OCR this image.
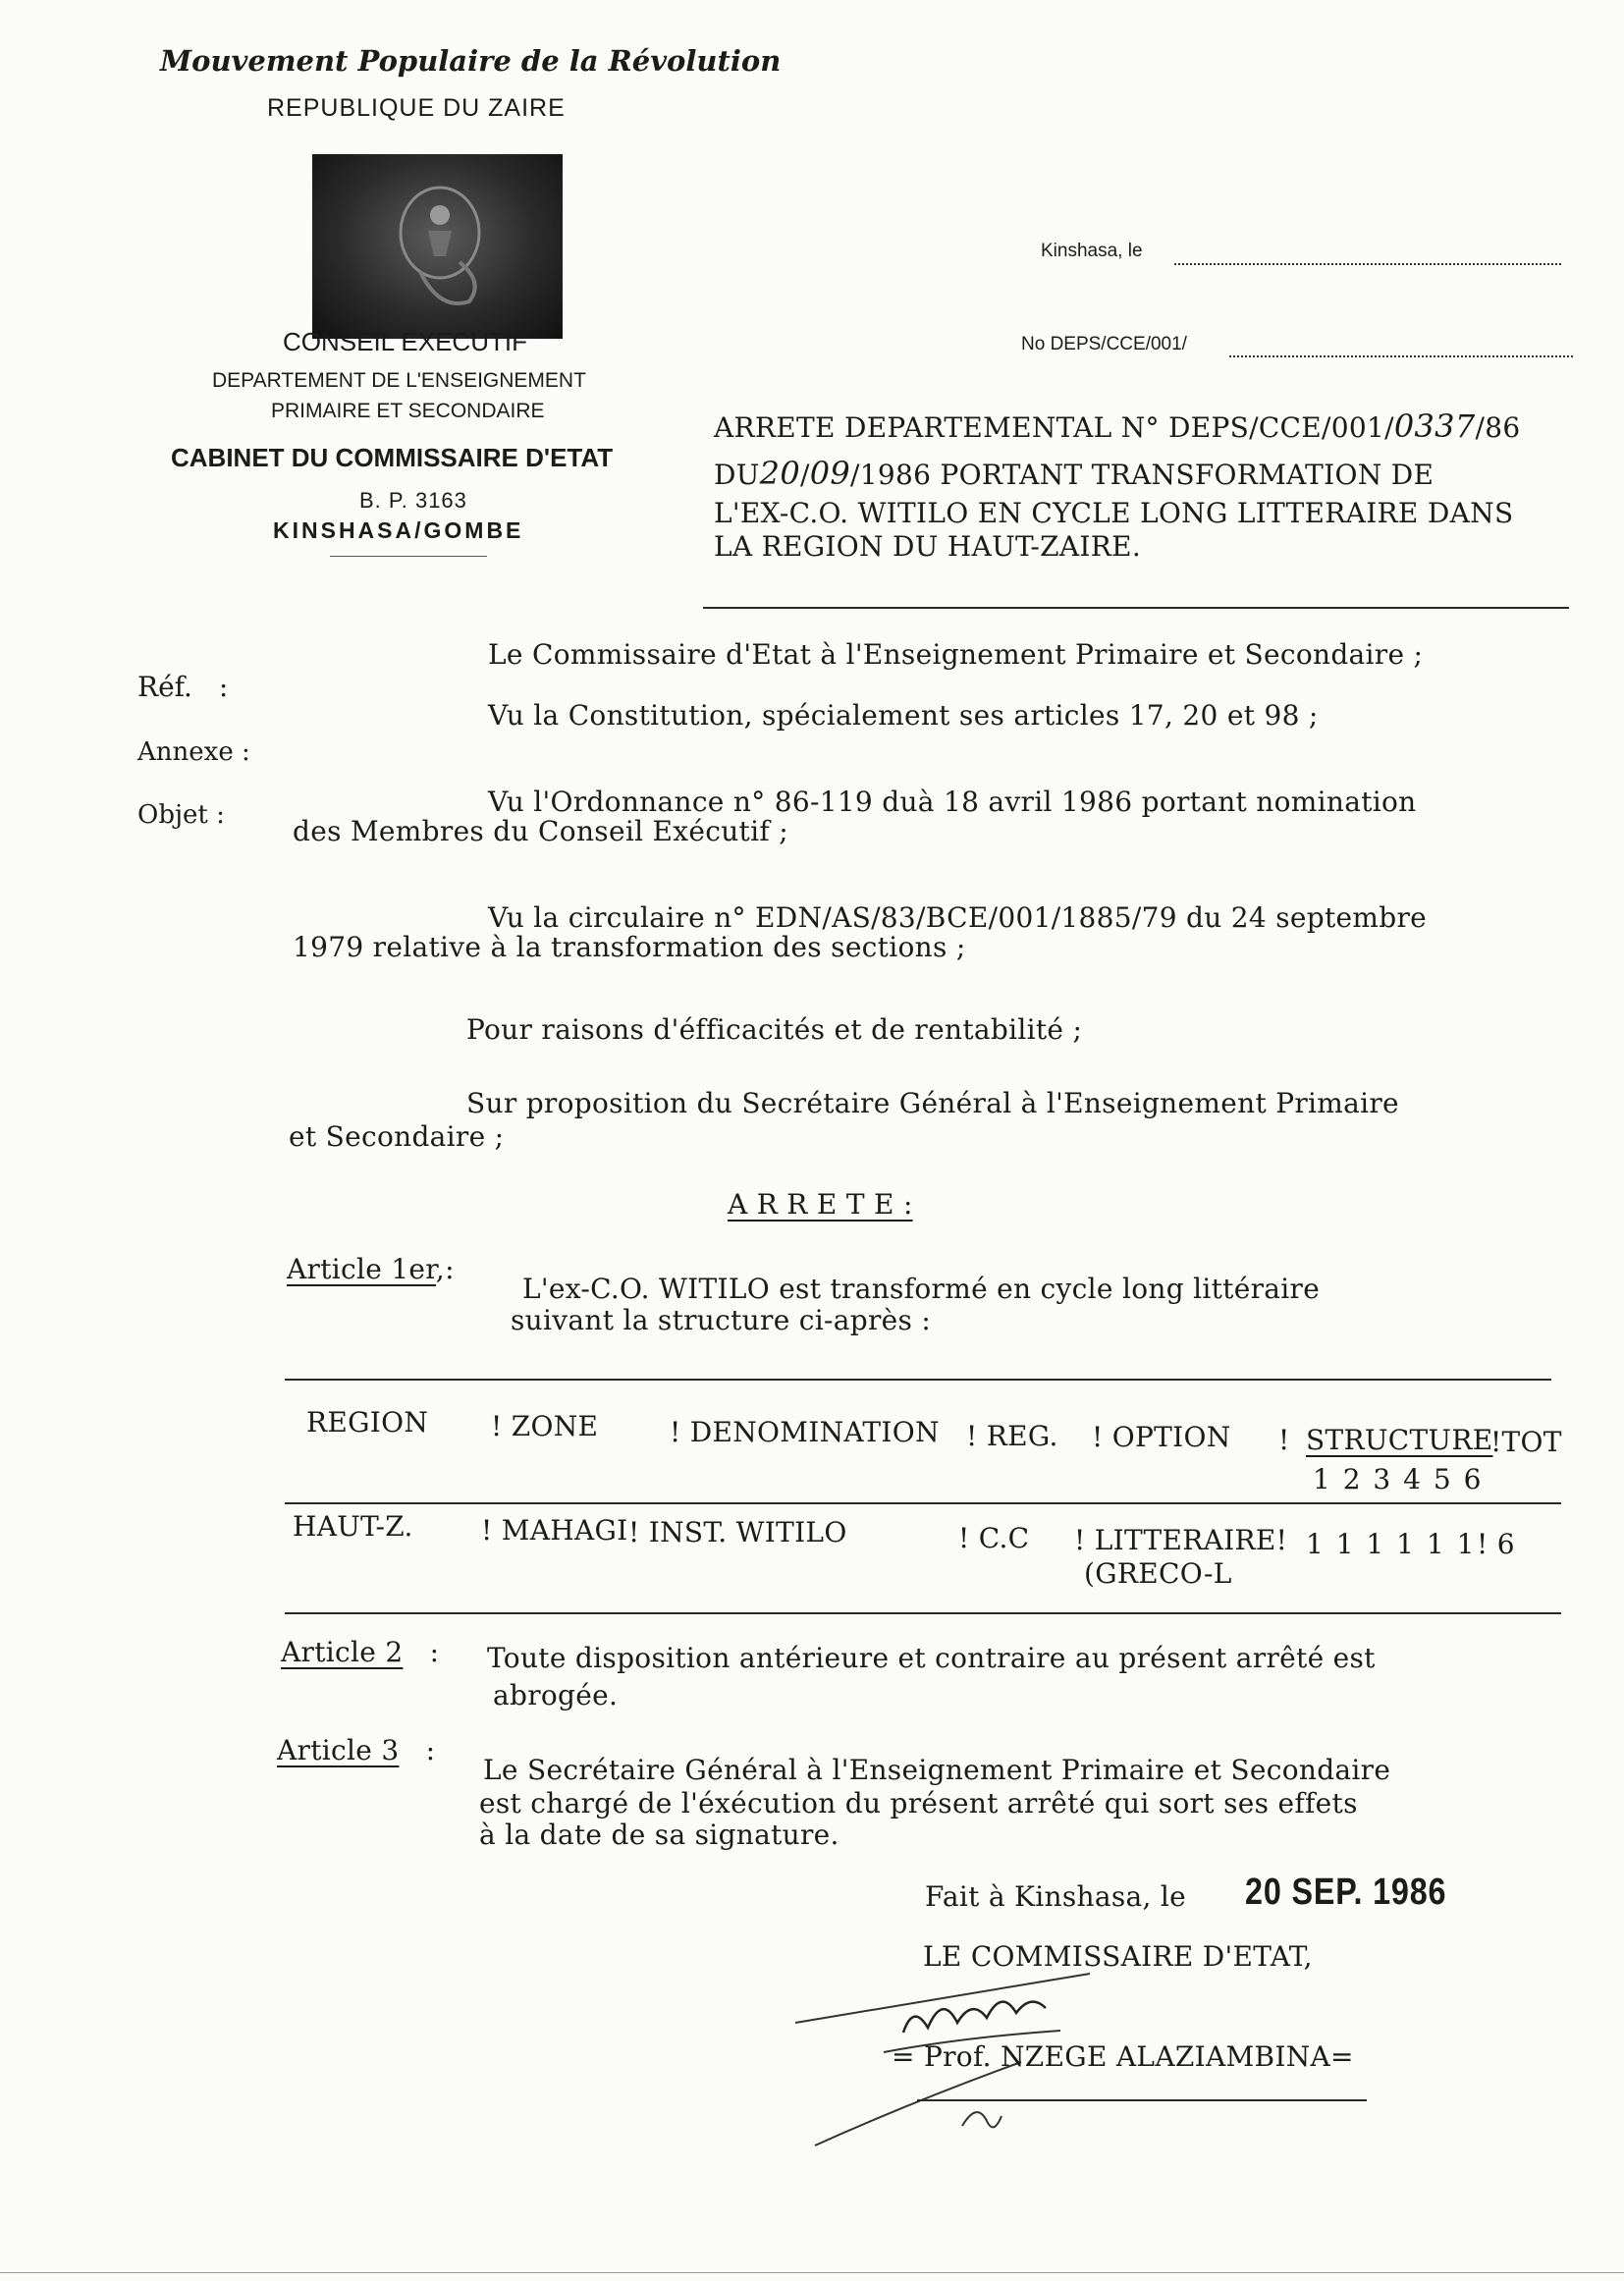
Mouvement Populaire de la Révolution
REPUBLIQUE DU ZAIRE
CONSEIL EXECUTIF
DEPARTEMENT DE L'ENSEIGNEMENT
PRIMAIRE ET SECONDAIRE
CABINET DU COMMISSAIRE D'ETAT
B. P. 3163
KINSHASA/GOMBE
Kinshasa, le
No DEPS/CCE/001/
ARRETE DEPARTEMENTAL N° DEPS/CCE/001/0337/86
DU20/09/1986 PORTANT TRANSFORMATION DE
L'EX-C.O. WITILO EN CYCLE LONG LITTERAIRE DANS
LA REGION DU HAUT-ZAIRE.
Réf. :
Annexe :
Objet :
Le Commissaire d'Etat à l'Enseignement Primaire et Secondaire ;
Vu la Constitution, spécialement ses articles 17, 20 et 98 ;
Vu l'Ordonnance n° 86-119 duà 18 avril 1986 portant nomination
des Membres du Conseil Exécutif ;
Vu la circulaire n° EDN/AS/83/BCE/001/1885/79 du 24 septembre
1979 relative à la transformation des sections ;
Pour raisons d'éfficacités et de rentabilité ;
Sur proposition du Secrétaire Général à l'Enseignement Primaire
et Secondaire ;
A R R E T E :
Article 1er,:
L'ex-C.O. WITILO est transformé en cycle long littéraire
suivant la structure ci-après :
REGION ! ZONE	! DENOMINATION ! REG. ! OPTION ! STRUCTURE
!TOT
1 2 3 4 5 6
HAUT-Z. ! MAHAGI ! INST. WITILO	! C.C ! LITTERAIRE! 1 1 1 1 1 1 ! 6
(GRECO-L
Article 2 : Toute disposition antérieure et contraire au présent arrêté est
abrogée.
Article 3 :
Le Secrétaire Général à l'Enseignement Primaire et Secondaire
est chargé de l'éxécution du présent arrêté qui sort ses effets
à la date de sa signature.
Fait à Kinshasa, le 20 SEP. 1986
LE COMMISSAIRE D'ETAT,
= Prof. NZEGE ALAZIAMBINA=
